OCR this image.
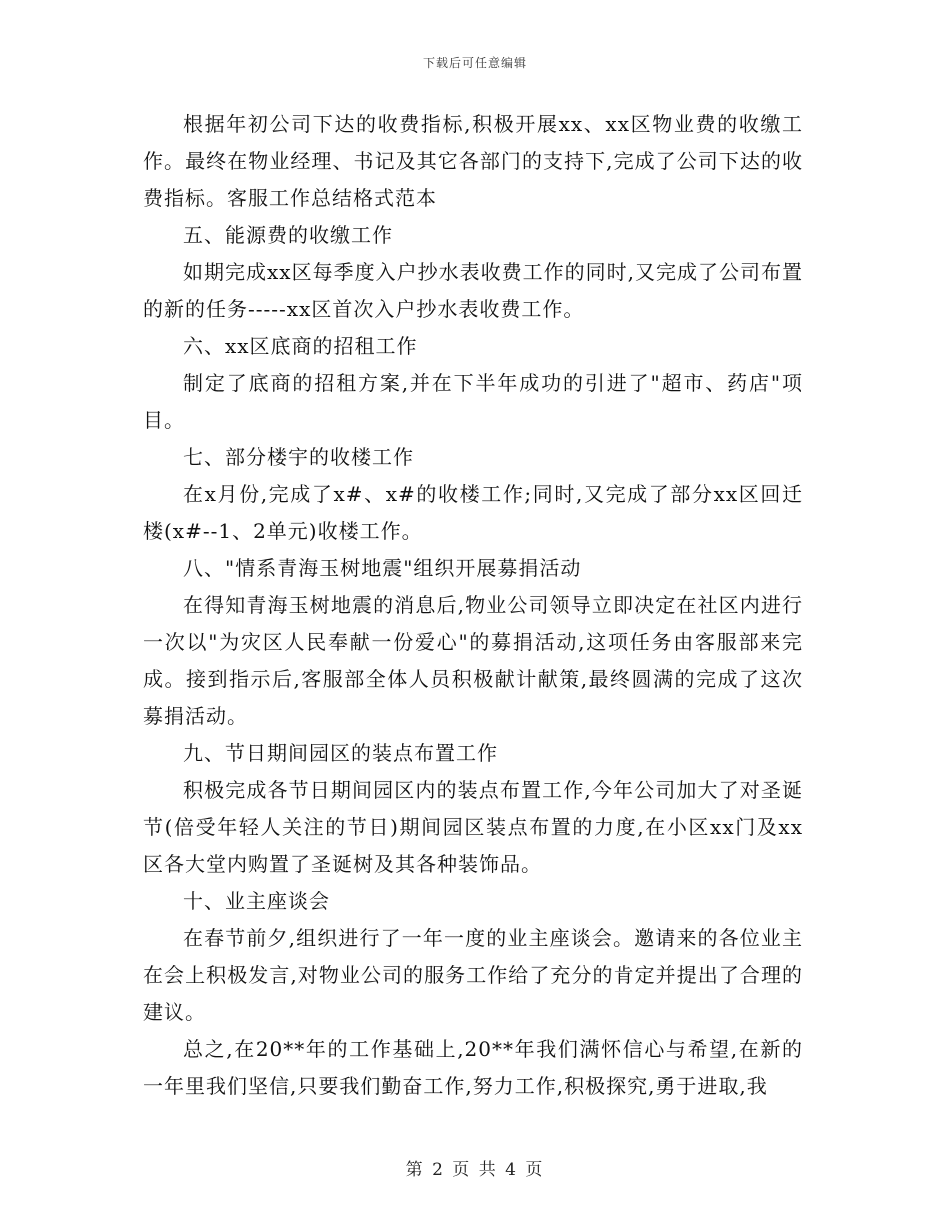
下载后可任意编辑

根据年初公司下达的收费指标,积极开展xx、xx区物业费的收缴工作。最终在物业经理、书记及其它各部门的支持下,完成了公司下达的收费指标。客服工作总结格式范本

五、能源费的收缴工作

如期完成xx区每季度入户抄水表收费工作的同时,又完成了公司布置的新的任务-----xx区首次入户抄水表收费工作。

六、xx区底商的招租工作

制定了底商的招租方案,并在下半年成功的引进了"超市、药店"项目。

七、部分楼宇的收楼工作

在x月份,完成了x#、x#的收楼工作;同时,又完成了部分xx区回迁楼(x#--1、2单元)收楼工作。

八、"情系青海玉树地震"组织开展募捐活动

在得知青海玉树地震的消息后,物业公司领导立即决定在社区内进行一次以"为灾区人民奉献一份爱心"的募捐活动,这项任务由客服部来完成。接到指示后,客服部全体人员积极献计献策,最终圆满的完成了这次募捐活动。

九、节日期间园区的装点布置工作

积极完成各节日期间园区内的装点布置工作,今年公司加大了对圣诞节(倍受年轻人关注的节日)期间园区装点布置的力度,在小区xx门及xx区各大堂内购置了圣诞树及其各种装饰品。

十、业主座谈会

在春节前夕,组织进行了一年一度的业主座谈会。邀请来的各位业主在会上积极发言,对物业公司的服务工作给了充分的肯定并提出了合理的建议。

总之,在20**年的工作基础上,20**年我们满怀信心与希望,在新的一年里我们坚信,只要我们勤奋工作,努力工作,积极探究,勇于进取,我

第 2 页 共 4 页
